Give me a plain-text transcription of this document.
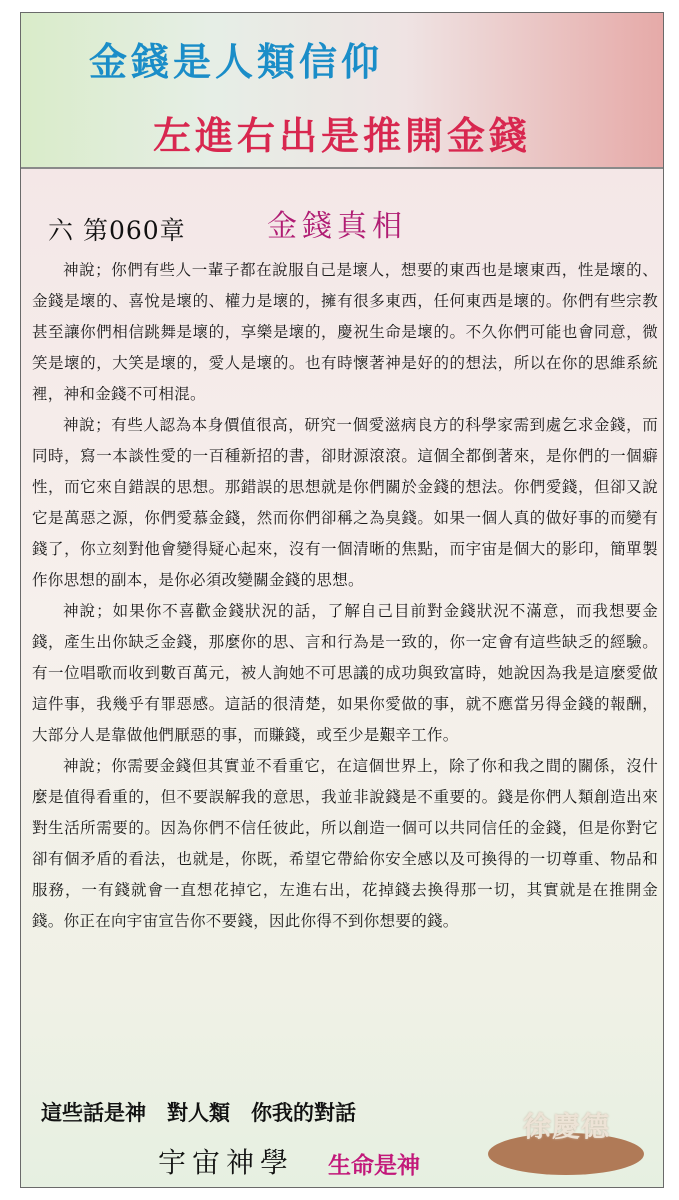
金錢是人類信仰
左進右出是推開金錢
六 第060章	金錢真相

神說；你們有些人一輩子都在說服自己是壞人，想要的東西也是壞東西，性是壞的、金錢是壞的、喜悅是壞的、權力是壞的，擁有很多東西，任何東西是壞的。你們有些宗教甚至讓你們相信跳舞是壞的，享樂是壞的，慶祝生命是壞的。不久你們可能也會同意，微笑是壞的，大笑是壞的，愛人是壞的。也有時懷著神是好的的想法，所以在你的思維系統裡，神和金錢不可相混。

神說；有些人認為本身價值很高，研究一個愛滋病良方的科學家需到處乞求金錢，而同時，寫一本談性愛的一百種新招的書，卻財源滾滾。這個全都倒著來，是你們的一個癖性，而它來自錯誤的思想。那錯誤的思想就是你們關於金錢的想法。你們愛錢，但卻又說它是萬惡之源，你們愛慕金錢，然而你們卻稱之為臭錢。如果一個人真的做好事的而變有錢了，你立刻對他會變得疑心起來，沒有一個清晰的焦點，而宇宙是個大的影印，簡單製作你思想的副本，是你必須改變關金錢的思想。

神說；如果你不喜歡金錢狀況的話，了解自己目前對金錢狀況不滿意，而我想要金錢，產生出你缺乏金錢，那麼你的思、言和行為是一致的，你一定會有這些缺乏的經驗。有一位唱歌而收到數百萬元，被人詢她不可思議的成功與致富時，她說因為我是這麼愛做這件事，我幾乎有罪惡感。這話的很清楚，如果你愛做的事，就不應當另得金錢的報酬，大部分人是靠做他們厭惡的事，而賺錢，或至少是艱辛工作。

神說；你需要金錢但其實並不看重它，在這個世界上，除了你和我之間的關係，沒什麼是值得看重的，但不要誤解我的意思，我並非說錢是不重要的。錢是你們人類創造出來對生活所需要的。因為你們不信任彼此，所以創造一個可以共同信任的金錢，但是你對它卻有個矛盾的看法，也就是，你既，希望它帶給你安全感以及可換得的一切尊重、物品和服務，一有錢就會一直想花掉它，左進右出，花掉錢去換得那一切，其實就是在推開金錢。你正在向宇宙宣告你不要錢，因此你得不到你想要的錢。

這些話是神　對人類　你我的對話
宇宙神學 生命是神
徐慶德
